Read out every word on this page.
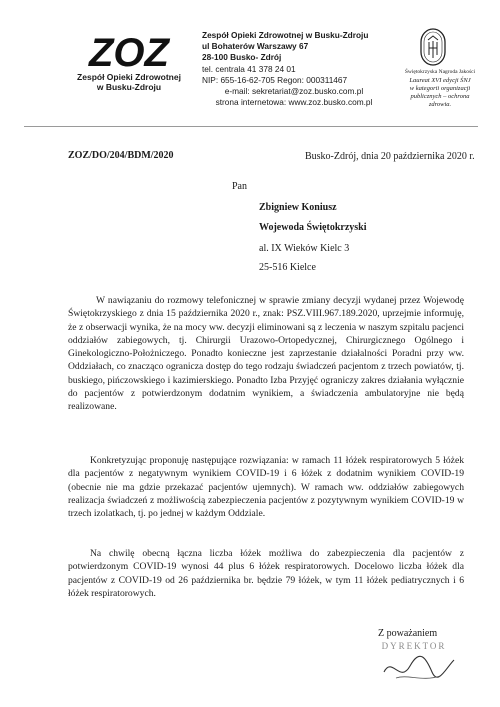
ZOZ
Zespół Opieki Zdrowotnej
w Busku-Zdroju
Zespół Opieki Zdrowotnej w Busku-Zdroju
ul Bohaterów Warszawy 67
28-100 Busko- Zdrój
tel. centrala 41 378 24 01
NIP: 655-16-62-705 Regon: 000311467
e-mail: sekretariat@zoz.busko.com.pl
strona internetowa: www.zoz.busko.com.pl
Świętokrzyska Nagroda Jakości
Laureat XVI edycji ŚNJ
w kategorii organizacji
publicznych – ochrona
zdrowia.
ZOZ/DO/204/BDM/2020	Busko-Zdrój, dnia 20 października 2020 r.
Pan
Zbigniew Koniusz
Wojewoda Świętokrzyski
al. IX Wieków Kielc 3
25-516 Kielce
W nawiązaniu do rozmowy telefonicznej w sprawie zmiany decyzji wydanej przez Wojewodę Świętokrzyskiego z dnia 15 października 2020 r., znak: PSZ.VIII.967.189.2020, uprzejmie informuję, że z obserwacji wynika, że na mocy ww. decyzji eliminowani są z leczenia w naszym szpitalu pacjenci oddziałów zabiegowych, tj. Chirurgii Urazowo-Ortopedycznej, Chirurgicznego Ogólnego i Ginekologiczno-Położniczego. Ponadto konieczne jest zaprzestanie działalności Poradni przy ww. Oddziałach, co znacząco ogranicza dostęp do tego rodzaju świadczeń pacjentom z trzech powiatów, tj. buskiego, pińczowskiego i kazimierskiego. Ponadto Izba Przyjęć ograniczy zakres działania wyłącznie do pacjentów z potwierdzonym dodatnim wynikiem, a świadczenia ambulatoryjne nie będą realizowane.
Konkretyzując proponuję następujące rozwiązania: w ramach 11 łóżek respiratorowych 5 łóżek dla pacjentów z negatywnym wynikiem COVID-19 i 6 łóżek z dodatnim wynikiem COVID-19 (obecnie nie ma gdzie przekazać pacjentów ujemnych). W ramach ww. oddziałów zabiegowych realizacja świadczeń z możliwością zabezpieczenia pacjentów z pozytywnym wynikiem COVID-19 w trzech izolatkach, tj. po jednej w każdym Oddziale.
Na chwilę obecną łączna liczba łóżek możliwa do zabezpieczenia dla pacjentów z potwierdzonym COVID-19 wynosi 44 plus 6 łóżek respiratorowych. Docelowo liczba łóżek dla pacjentów z COVID-19 od 26 października br. będzie 79 łóżek, w tym 11 łóżek pediatrycznych i 6 łóżek respiratorowych.
Z poważaniem
DYREKTOR
